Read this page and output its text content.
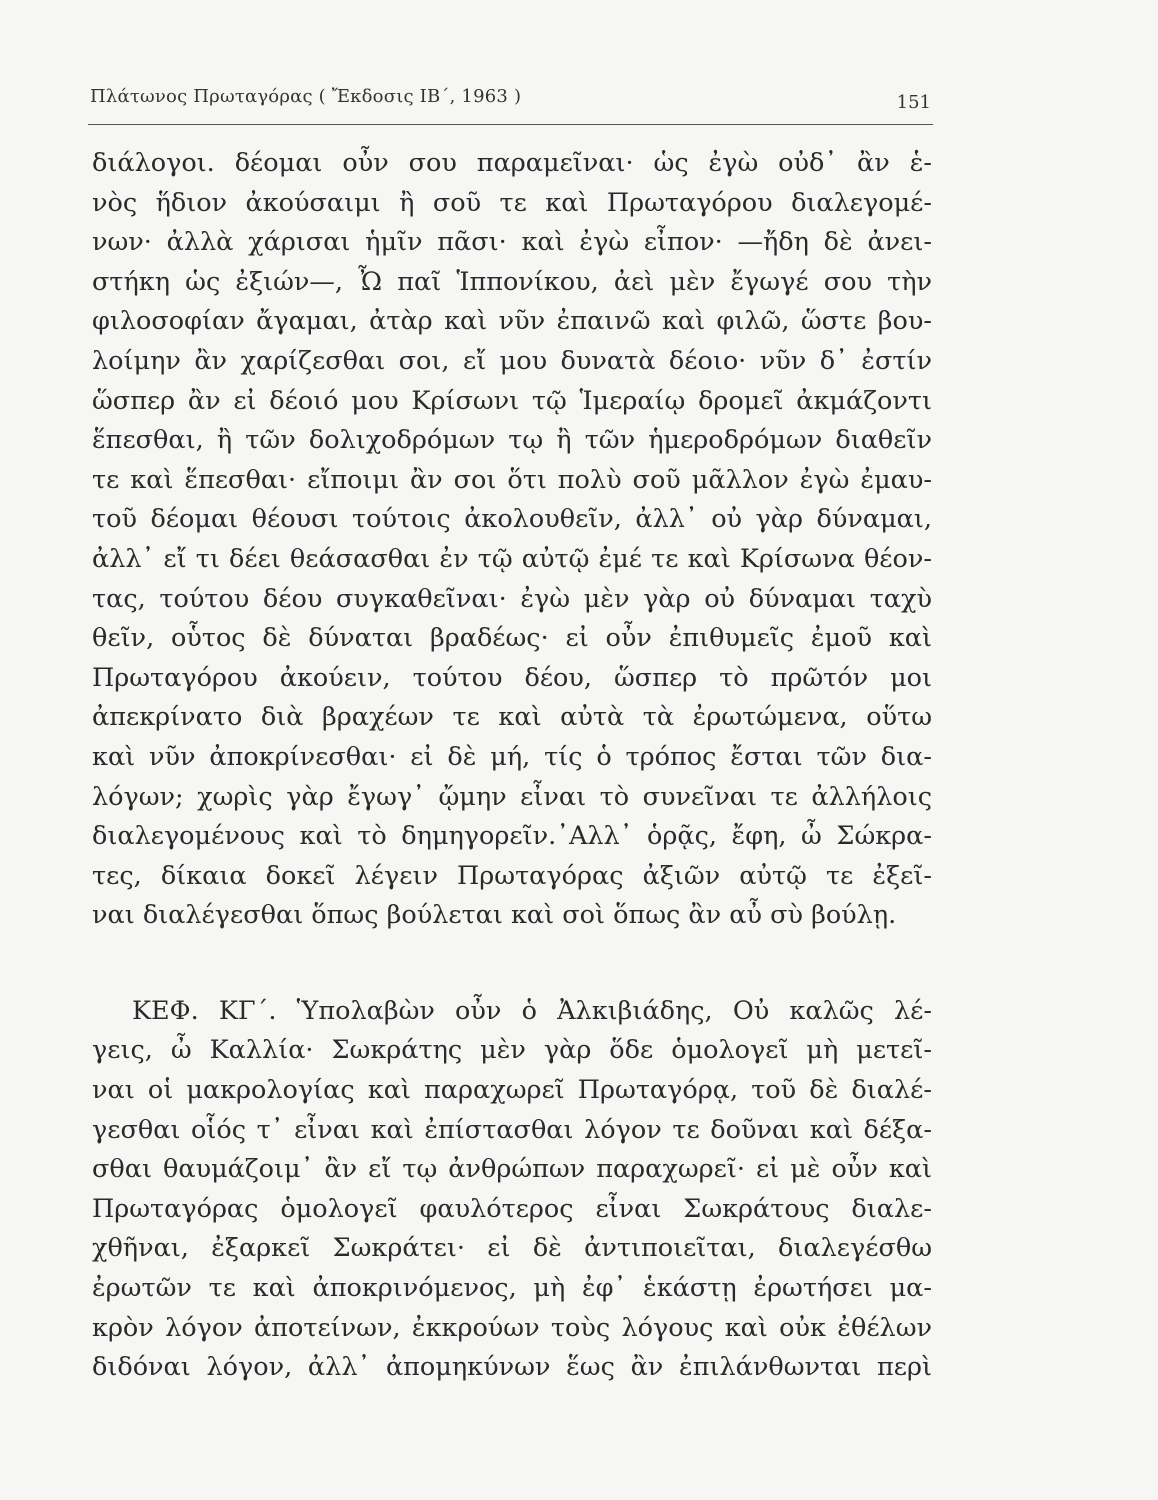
Πλάτωνος Πρωταγόρας ( Ἔκδοσις ΙΒ΄, 1963 )	151
διάλογοι. δέομαι οὖν σου παραμεῖναι· ὡς ἐγὼ οὐδ᾽ ἂν ἑ-
νὸς ἥδιον ἀκούσαιμι ἢ σοῦ τε καὶ Πρωταγόρου διαλεγομέ-
νων· ἀλλὰ χάρισαι ἡμῖν πᾶσι· καὶ ἐγὼ εἶπον· —ἤδη δὲ ἀνει-
στήκη ὡς ἐξιών—, Ὦ παῖ Ἱππονίκου, ἀεὶ μὲν ἔγωγέ σου τὴν
φιλοσοφίαν ἄγαμαι, ἀτὰρ καὶ νῦν ἐπαινῶ καὶ φιλῶ, ὥστε βου-
λοίμην ἂν χαρίζεσθαι σοι, εἴ μου δυνατὰ δέοιο· νῦν δ᾽ ἐστίν
ὥσπερ ἂν εἰ δέοιό μου Κρίσωνι τῷ Ἱμεραίῳ δρομεῖ ἀκμάζοντι
ἕπεσθαι, ἢ τῶν δολιχοδρόμων τῳ ἢ τῶν ἡμεροδρόμων διαθεῖν
τε καὶ ἕπεσθαι· εἴποιμι ἂν σοι ὅτι πολὺ σοῦ μᾶλλον ἐγὼ ἐμαυ-
τοῦ δέομαι θέουσι τούτοις ἀκολουθεῖν, ἀλλ᾽ οὐ γὰρ δύναμαι,
ἀλλ᾽ εἴ τι δέει θεάσασθαι ἐν τῷ αὐτῷ ἐμέ τε καὶ Κρίσωνα θέον-
τας, τούτου δέου συγκαθεῖναι· ἐγὼ μὲν γὰρ οὐ δύναμαι ταχὺ
θεῖν, οὗτος δὲ δύναται βραδέως· εἰ οὖν ἐπιθυμεῖς ἐμοῦ καὶ
Πρωταγόρου ἀκούειν, τούτου δέου, ὥσπερ τὸ πρῶτόν μοι
ἀπεκρίνατο διὰ βραχέων τε καὶ αὐτὰ τὰ ἐρωτώμενα, οὕτω
καὶ νῦν ἀποκρίνεσθαι· εἰ δὲ μή, τίς ὁ τρόπος ἔσται τῶν δια-
λόγων; χωρὶς γὰρ ἔγωγ᾽ ᾤμην εἶναι τὸ συνεῖναι τε ἀλλήλοις
διαλεγομένους καὶ τὸ δημηγορεῖν.᾽Αλλ᾽ ὁρᾷς, ἔφη, ὦ Σώκρα-
τες, δίκαια δοκεῖ λέγειν Πρωταγόρας ἀξιῶν αὐτῷ τε ἐξεῖ-
ναι διαλέγεσθαι ὅπως βούλεται καὶ σοὶ ὅπως ἂν αὖ σὺ βούλῃ.
ΚΕΦ. ΚΓ΄. Ὑπολαβὼν οὖν ὁ Ἀλκιβιάδης, Οὐ καλῶς λέ-
γεις, ὦ Καλλία· Σωκράτης μὲν γὰρ ὅδε ὁμολογεῖ μὴ μετεῖ-
ναι οἱ μακρολογίας καὶ παραχωρεῖ Πρωταγόρᾳ, τοῦ δὲ διαλέ-
γεσθαι οἷός τ᾽ εἶναι καὶ ἐπίστασθαι λόγον τε δοῦναι καὶ δέξα-
σθαι θαυμάζοιμ᾽ ἂν εἴ τῳ ἀνθρώπων παραχωρεῖ· εἰ μὲ οὖν καὶ
Πρωταγόρας ὁμολογεῖ φαυλότερος εἶναι Σωκράτους διαλε-
χθῆναι, ἐξαρκεῖ Σωκράτει· εἰ δὲ ἀντιποιεῖται, διαλεγέσθω
ἐρωτῶν τε καὶ ἀποκρινόμενος, μὴ ἐφ᾽ ἑκάστῃ ἐρωτήσει μα-
κρὸν λόγον ἀποτείνων, ἐκκρούων τοὺς λόγους καὶ οὐκ ἐθέλων
διδόναι λόγον, ἀλλ᾽ ἀπομηκύνων ἕως ἂν ἐπιλάνθωνται περὶ
